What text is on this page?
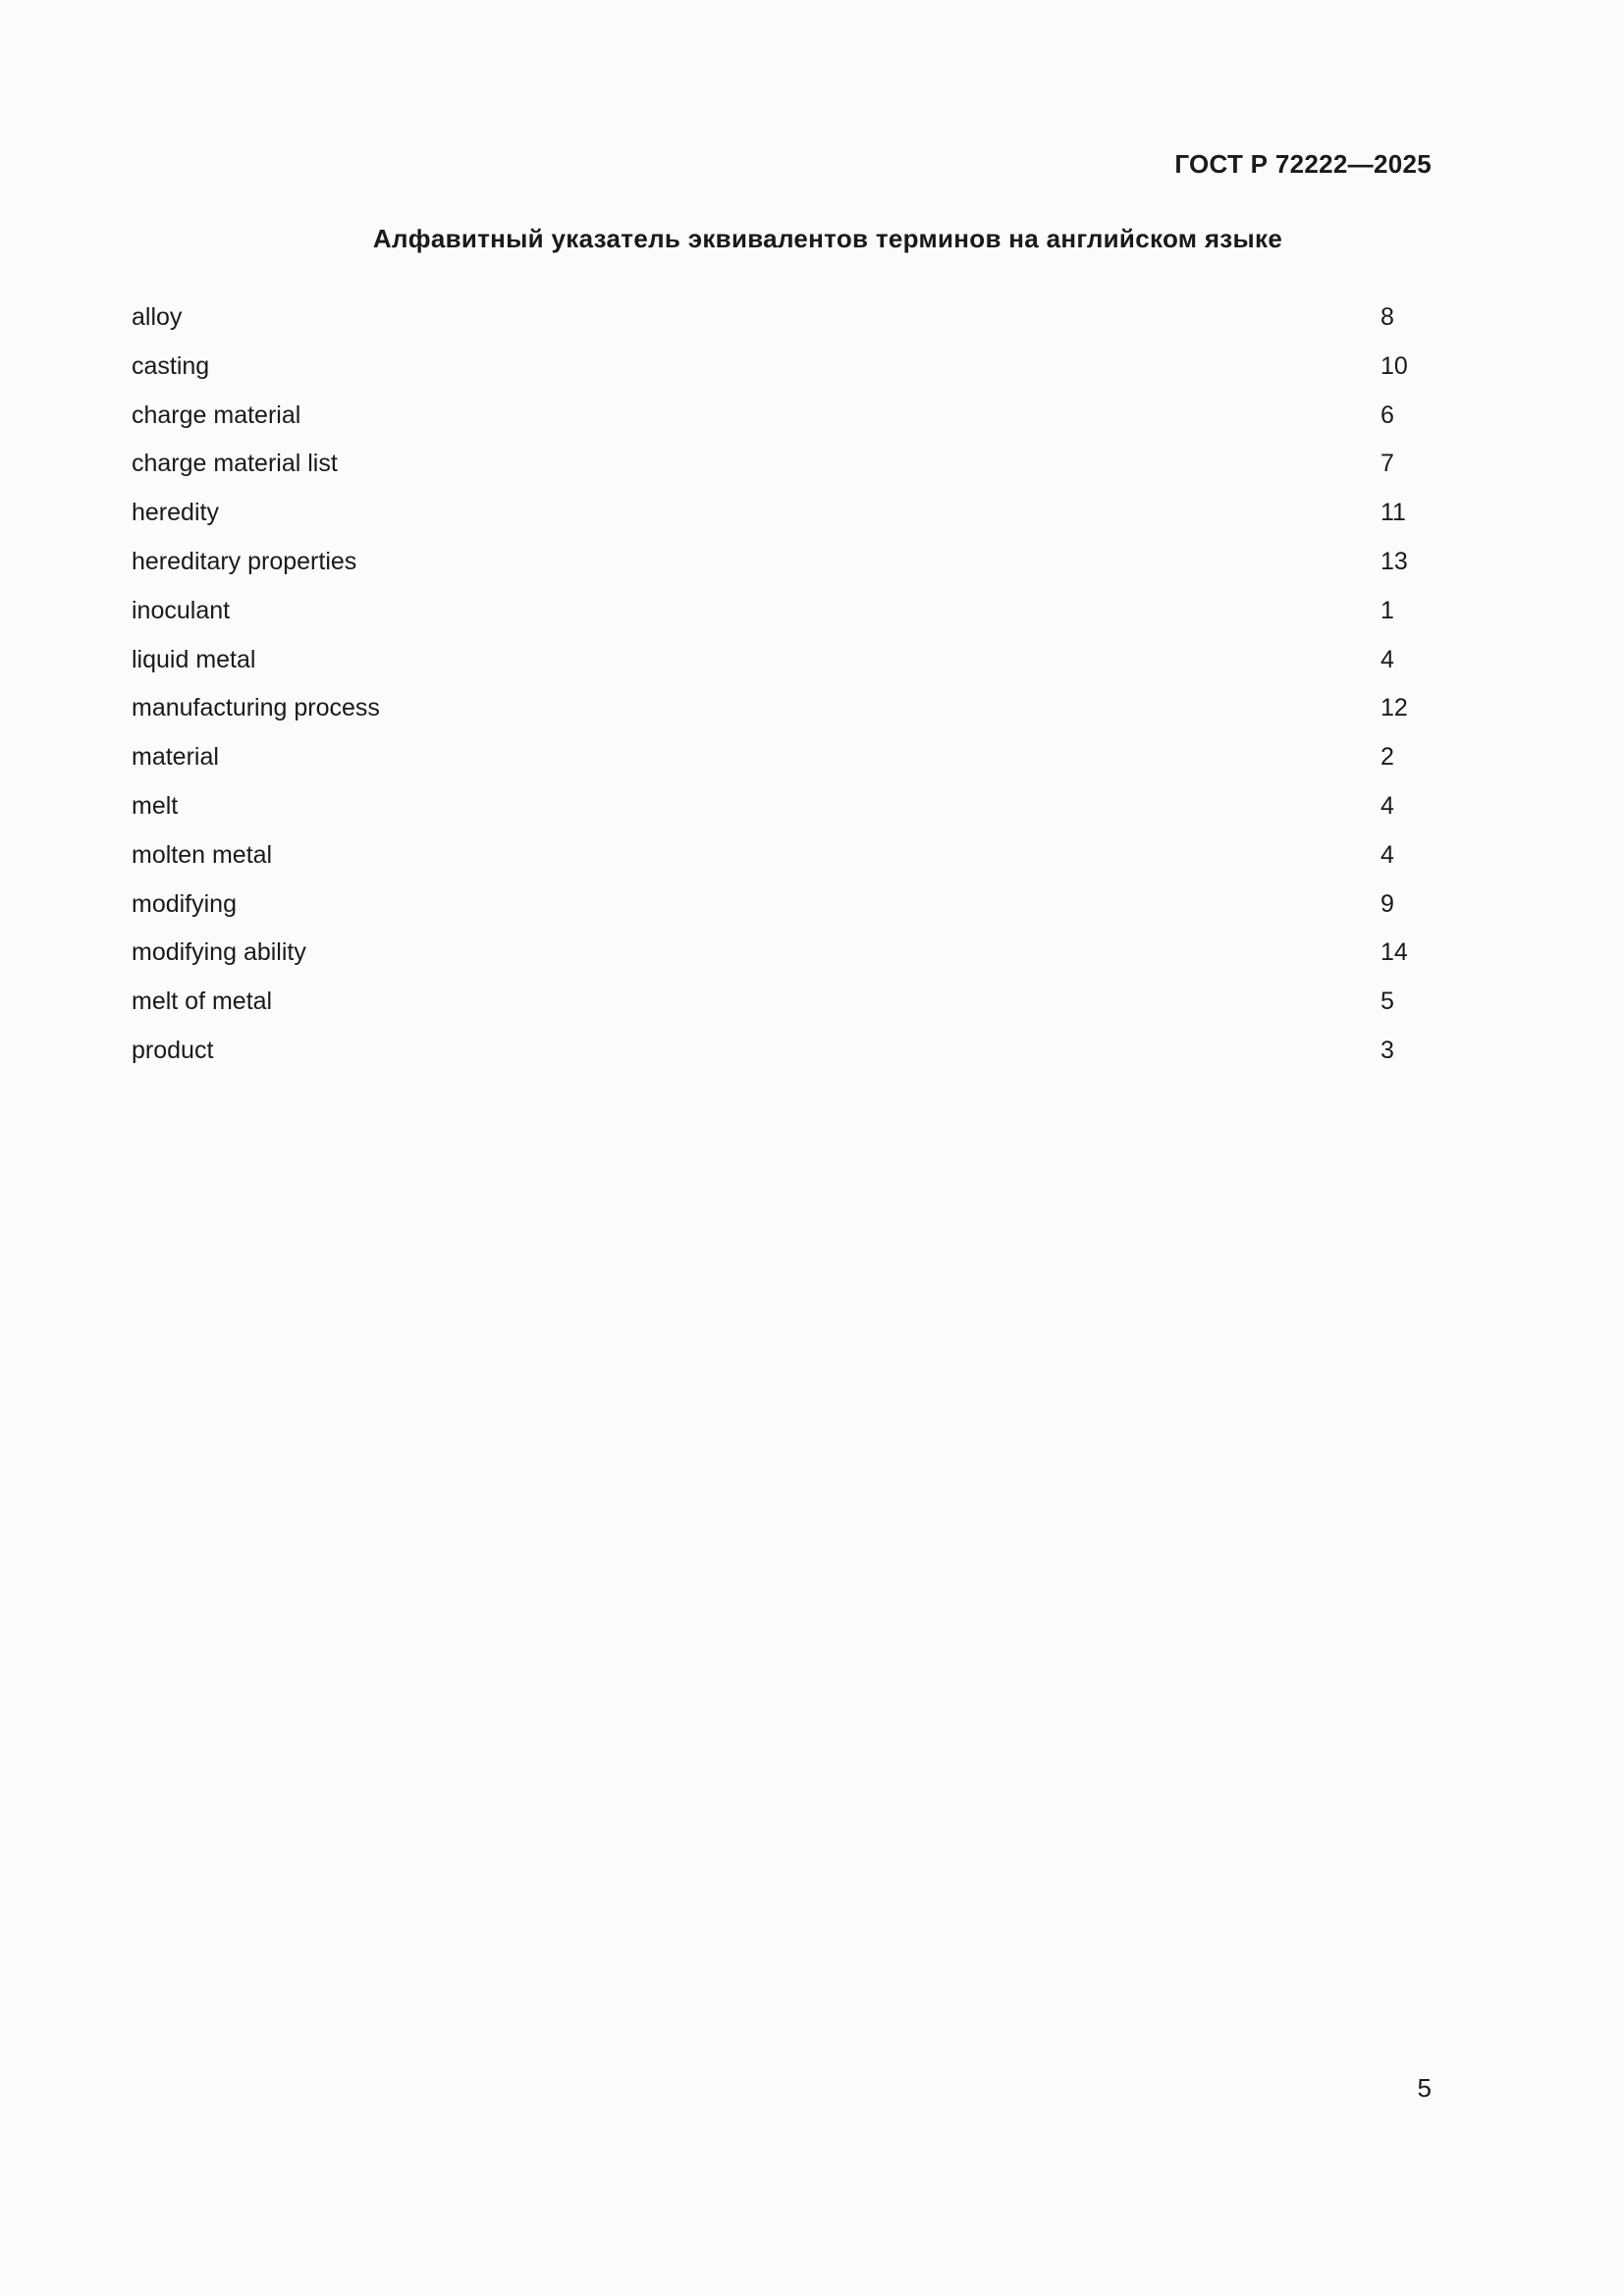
ГОСТ Р 72222—2025
Алфавитный указатель эквивалентов терминов на английском языке
alloy	8
casting	10
charge material	6
charge material list	7
heredity	11
hereditary properties	13
inoculant	1
liquid metal	4
manufacturing process	12
material	2
melt	4
molten metal	4
modifying	9
modifying ability	14
melt of metal	5
product	3
5
